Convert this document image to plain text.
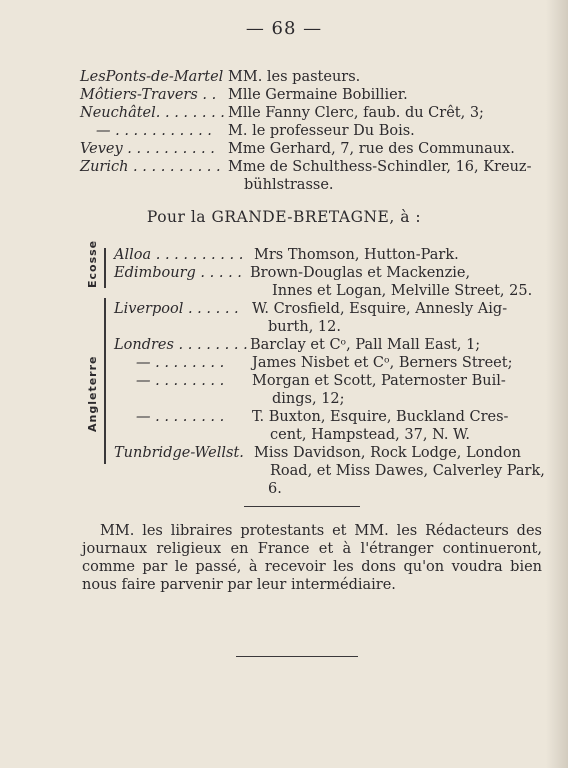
— 68 —
LesPonts-de-Martel MM. les pasteurs.
Môtiers-Travers . . Mlle Germaine Bobillier.
Neuchâtel. . . . . . . . Mlle Fanny Clerc, faub. du Crêt, 3;
— . . . . . . . . . . . M. le professeur Du Bois.
Vevey . . . . . . . . . . Mme Gerhard, 7, rue des Communaux.
Zurich . . . . . . . . . . Mme de Schulthess-Schindler, 16, Kreuz-
bühlstrasse.
Pour la GRANDE-BRETAGNE, à :
Ecosse
Angleterre
Alloa . . . . . . . . . . Mrs Thomson, Hutton-Park.
Edimbourg . . . . . Brown-Douglas et Mackenzie,
Innes et Logan, Melville Street, 25.
Liverpool . . . . . . W. Crosfield, Esquire, Annesly Aig-
burth, 12.
Londres . . . . . . . . Barclay et Cᵒ, Pall Mall East, 1;
— . . . . . . . . James Nisbet et Cᵒ, Berners Street;
— . . . . . . . . Morgan et Scott, Paternoster Buil-
dings, 12;
— . . . . . . . . T. Buxton, Esquire, Buckland Cres-
cent, Hampstead, 37, N. W.
Tunbridge-Wellst. Miss Davidson, Rock Lodge, London
Road, et Miss Dawes, Calverley Park,
6.
MM. les libraires protestants et MM. les Rédacteurs des journaux religieux en France et à l'étranger continueront, comme par le passé, à recevoir les dons qu'on voudra bien nous faire parvenir par leur intermédiaire.
